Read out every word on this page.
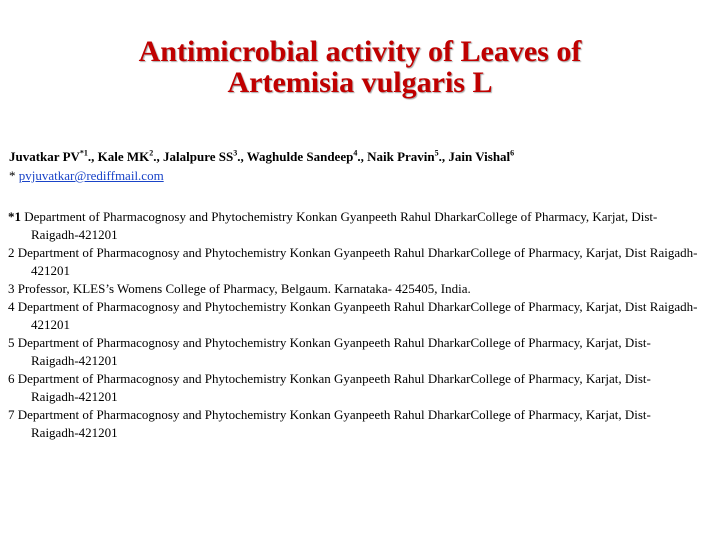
Antimicrobial activity of Leaves of
Artemisia vulgaris L
Juvatkar PV$^{*1}$., Kale $MK^2$., Jalalpure $SS^3$., Waghulde Sandeep$^4$., Naik Pravin$^5$., Jain Vishal$^6$
* pvjuvatkar@rediffmail.com
*1 Department of Pharmacognosy and Phytochemistry Konkan Gyanpeeth Rahul DharkarCollege of Pharmacy, Karjat, Dist-Raigadh-421201
2 Department of Pharmacognosy and Phytochemistry Konkan Gyanpeeth Rahul DharkarCollege of Pharmacy, Karjat, Dist Raigadh-421201
3 Professor, KLES’s Womens College of Pharmacy, Belgaum. Karnataka- 425405, India.
4 Department of Pharmacognosy and Phytochemistry Konkan Gyanpeeth Rahul DharkarCollege of Pharmacy, Karjat, Dist Raigadh-421201
5 Department of Pharmacognosy and Phytochemistry Konkan Gyanpeeth Rahul DharkarCollege of Pharmacy, Karjat, Dist-Raigadh-421201
6 Department of Pharmacognosy and Phytochemistry Konkan Gyanpeeth Rahul DharkarCollege of Pharmacy, Karjat, Dist-Raigadh-421201
7 Department of Pharmacognosy and Phytochemistry Konkan Gyanpeeth Rahul DharkarCollege of Pharmacy, Karjat, Dist-Raigadh-421201
